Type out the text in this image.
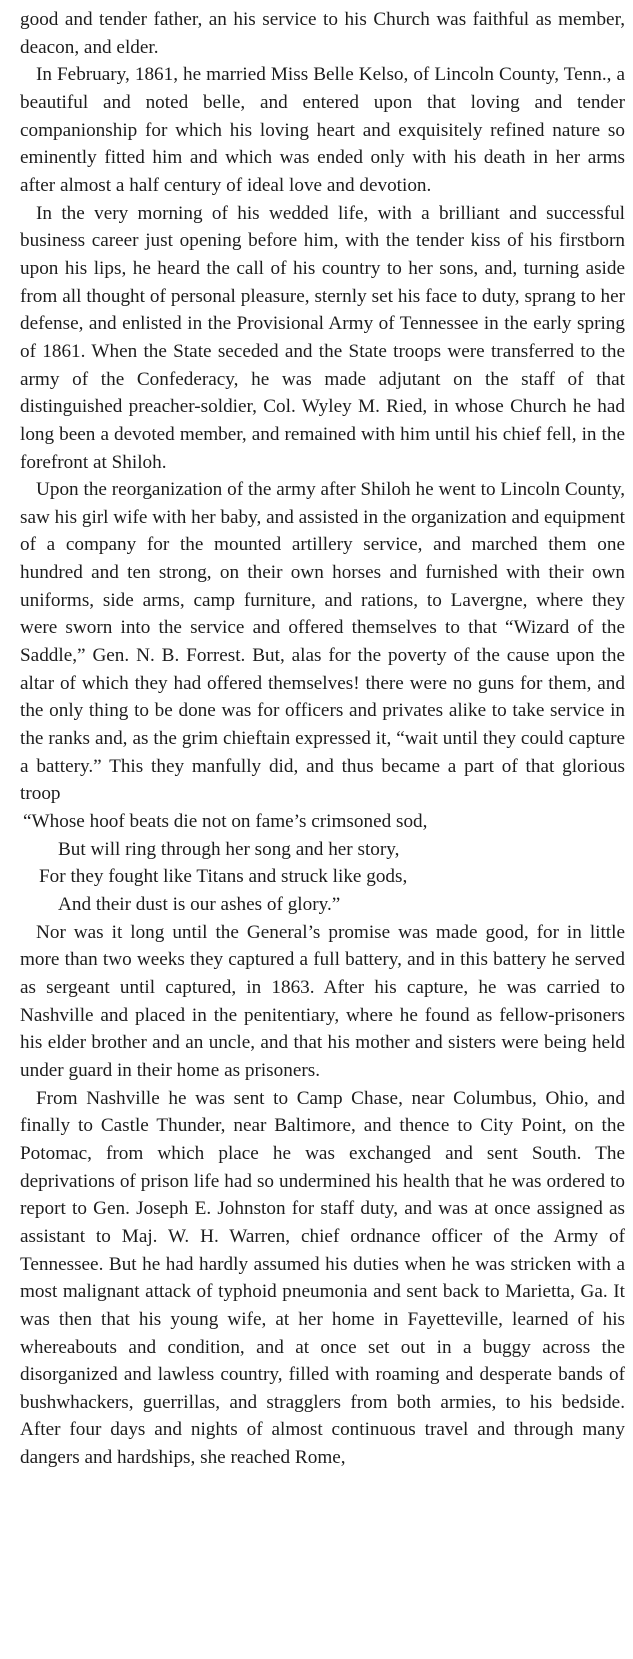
good and tender father, an his service to his Church was faithful as member, deacon, and elder.

In February, 1861, he married Miss Belle Kelso, of Lincoln County, Tenn., a beautiful and noted belle, and entered upon that loving and tender companionship for which his loving heart and exquisitely refined nature so eminently fitted him and which was ended only with his death in her arms after almost a half century of ideal love and devotion.

In the very morning of his wedded life, with a brilliant and successful business career just opening before him, with the tender kiss of his firstborn upon his lips, he heard the call of his country to her sons, and, turning aside from all thought of personal pleasure, sternly set his face to duty, sprang to her defense, and enlisted in the Provisional Army of Tennessee in the early spring of 1861. When the State seceded and the State troops were transferred to the army of the Confederacy, he was made adjutant on the staff of that distinguished preacher-soldier, Col. Wyley M. Ried, in whose Church he had long been a devoted member, and remained with him until his chief fell, in the forefront at Shiloh.

Upon the reorganization of the army after Shiloh he went to Lincoln County, saw his girl wife with her baby, and assisted in the organization and equipment of a company for the mounted artillery service, and marched them one hundred and ten strong, on their own horses and furnished with their own uniforms, side arms, camp furniture, and rations, to Lavergne, where they were sworn into the service and offered themselves to that “Wizard of the Saddle,” Gen. N. B. Forrest. But, alas for the poverty of the cause upon the altar of which they had offered themselves! there were no guns for them, and the only thing to be done was for officers and privates alike to take service in the ranks and, as the grim chieftain expressed it, “wait until they could capture a battery.” This they manfully did, and thus became a part of that glorious troop

“Whose hoof beats die not on fame’s crimsoned sod,
But will ring through her song and her story,
For they fought like Titans and struck like gods,
And their dust is our ashes of glory.”

Nor was it long until the General’s promise was made good, for in little more than two weeks they captured a full battery, and in this battery he served as sergeant until captured, in 1863. After his capture, he was carried to Nashville and placed in the penitentiary, where he found as fellow-prisoners his elder brother and an uncle, and that his mother and sisters were being held under guard in their home as prisoners.

From Nashville he was sent to Camp Chase, near Columbus, Ohio, and finally to Castle Thunder, near Baltimore, and thence to City Point, on the Potomac, from which place he was exchanged and sent South. The deprivations of prison life had so undermined his health that he was ordered to report to Gen. Joseph E. Johnston for staff duty, and was at once assigned as assistant to Maj. W. H. Warren, chief ordnance officer of the Army of Tennessee. But he had hardly assumed his duties when he was stricken with a most malignant attack of typhoid pneumonia and sent back to Marietta, Ga. It was then that his young wife, at her home in Fayetteville, learned of his whereabouts and condition, and at once set out in a buggy across the disorganized and lawless country, filled with roaming and desperate bands of bushwhackers, guerrillas, and stragglers from both armies, to his bedside. After four days and nights of almost continuous travel and through many dangers and hardships, she reached Rome,
